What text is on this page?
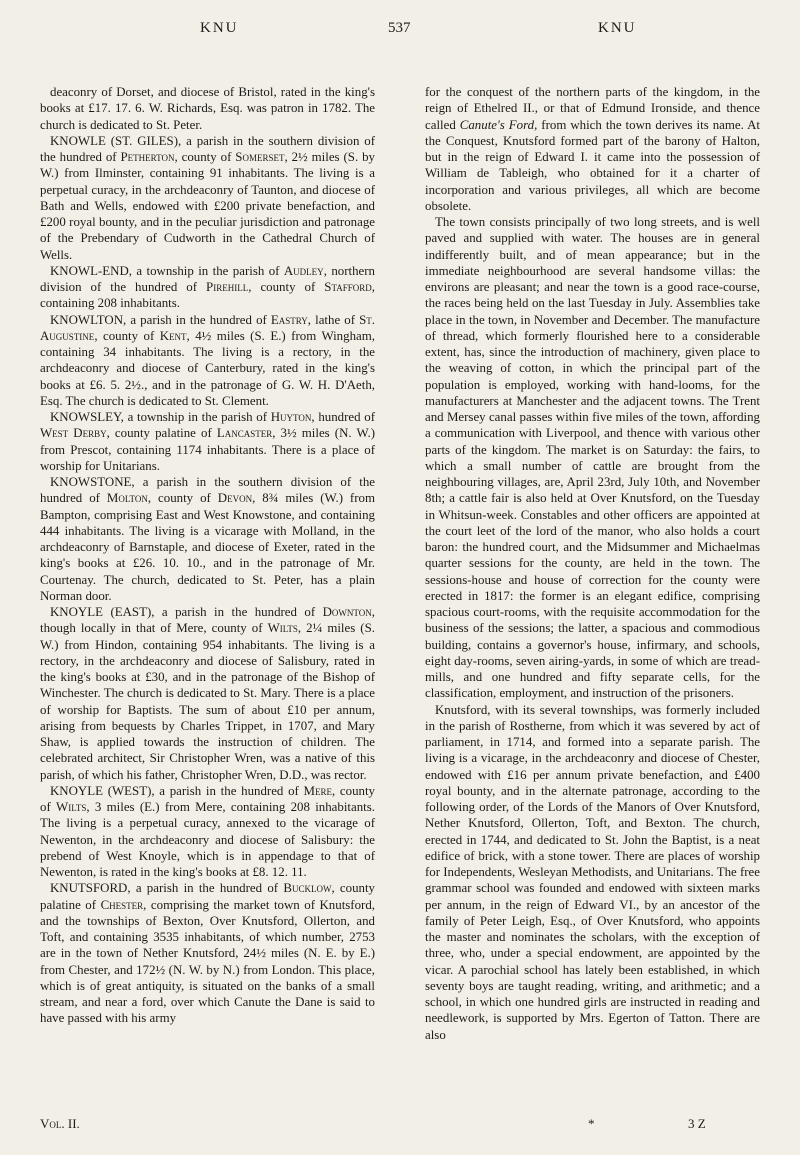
KNU	537	KNU

deaconry of Dorset, and diocese of Bristol, rated in the king's books at £17. 17. 6. W. Richards, Esq. was patron in 1782. The church is dedicated to St. Peter.

KNOWLE (ST. GILES), a parish in the southern division of the hundred of Petherton, county of Somerset, 2½ miles (S. by W.) from Ilminster, containing 91 inhabitants. The living is a perpetual curacy, in the archdeaconry of Taunton, and diocese of Bath and Wells, endowed with £200 private benefaction, and £200 royal bounty, and in the peculiar jurisdiction and patronage of the Prebendary of Cudworth in the Cathedral Church of Wells.

KNOWL-END, a township in the parish of Audley, northern division of the hundred of Pirehill, county of Stafford, containing 208 inhabitants.

KNOWLTON, a parish in the hundred of Eastry, lathe of St. Augustine, county of Kent, 4½ miles (S. E.) from Wingham, containing 34 inhabitants. The living is a rectory, in the archdeaconry and diocese of Canterbury, rated in the king's books at £6. 5. 2½., and in the patronage of G. W. H. D'Aeth, Esq. The church is dedicated to St. Clement.

KNOWSLEY, a township in the parish of Huyton, hundred of West Derby, county palatine of Lancaster, 3½ miles (N. W.) from Prescot, containing 1174 inhabitants. There is a place of worship for Unitarians.

KNOWSTONE, a parish in the southern division of the hundred of Molton, county of Devon, 8¾ miles (W.) from Bampton, comprising East and West Knowstone, and containing 444 inhabitants. The living is a vicarage with Molland, in the archdeaconry of Barnstaple, and diocese of Exeter, rated in the king's books at £26. 10. 10., and in the patronage of Mr. Courtenay. The church, dedicated to St. Peter, has a plain Norman door.

KNOYLE (EAST), a parish in the hundred of Downton, though locally in that of Mere, county of Wilts, 2¼ miles (S. W.) from Hindon, containing 954 inhabitants. The living is a rectory, in the archdeaconry and diocese of Salisbury, rated in the king's books at £30, and in the patronage of the Bishop of Winchester. The church is dedicated to St. Mary. There is a place of worship for Baptists. The sum of about £10 per annum, arising from bequests by Charles Trippet, in 1707, and Mary Shaw, is applied towards the instruction of children. The celebrated architect, Sir Christopher Wren, was a native of this parish, of which his father, Christopher Wren, D.D., was rector.

KNOYLE (WEST), a parish in the hundred of Mere, county of Wilts, 3 miles (E.) from Mere, containing 208 inhabitants. The living is a perpetual curacy, annexed to the vicarage of Newenton, in the archdeaconry and diocese of Salisbury: the prebend of West Knoyle, which is in appendage to that of Newenton, is rated in the king's books at £8. 12. 11.

KNUTSFORD, a parish in the hundred of Bucklow, county palatine of Chester, comprising the market town of Knutsford, and the townships of Bexton, Over Knutsford, Ollerton, and Toft, and containing 3535 inhabitants, of which number, 2753 are in the town of Nether Knutsford, 24½ miles (N. E. by E.) from Chester, and 172½ (N. W. by N.) from London. This place, which is of great antiquity, is situated on the banks of a small stream, and near a ford, over which Canute the Dane is said to have passed with his army

for the conquest of the northern parts of the kingdom, in the reign of Ethelred II., or that of Edmund Ironside, and thence called Canute's Ford, from which the town derives its name. At the Conquest, Knutsford formed part of the barony of Halton, but in the reign of Edward I. it came into the possession of William de Tableigh, who obtained for it a charter of incorporation and various privileges, all which are become obsolete.

The town consists principally of two long streets, and is well paved and supplied with water. The houses are in general indifferently built, and of mean appearance; but in the immediate neighbourhood are several handsome villas: the environs are pleasant; and near the town is a good race-course, the races being held on the last Tuesday in July. Assemblies take place in the town, in November and December. The manufacture of thread, which formerly flourished here to a considerable extent, has, since the introduction of machinery, given place to the weaving of cotton, in which the principal part of the population is employed, working with hand-looms, for the manufacturers at Manchester and the adjacent towns. The Trent and Mersey canal passes within five miles of the town, affording a communication with Liverpool, and thence with various other parts of the kingdom. The market is on Saturday: the fairs, to which a small number of cattle are brought from the neighbouring villages, are, April 23rd, July 10th, and November 8th; a cattle fair is also held at Over Knutsford, on the Tuesday in Whitsun-week. Constables and other officers are appointed at the court leet of the lord of the manor, who also holds a court baron: the hundred court, and the Midsummer and Michaelmas quarter sessions for the county, are held in the town. The sessions-house and house of correction for the county were erected in 1817: the former is an elegant edifice, comprising spacious court-rooms, with the requisite accommodation for the business of the sessions; the latter, a spacious and commodious building, contains a governor's house, infirmary, and schools, eight day-rooms, seven airing-yards, in some of which are tread-mills, and one hundred and fifty separate cells, for the classification, employment, and instruction of the prisoners.

Knutsford, with its several townships, was formerly included in the parish of Rostherne, from which it was severed by act of parliament, in 1714, and formed into a separate parish. The living is a vicarage, in the archdeaconry and diocese of Chester, endowed with £16 per annum private benefaction, and £400 royal bounty, and in the alternate patronage, according to the following order, of the Lords of the Manors of Over Knutsford, Nether Knutsford, Ollerton, Toft, and Bexton. The church, erected in 1744, and dedicated to St. John the Baptist, is a neat edifice of brick, with a stone tower. There are places of worship for Independents, Wesleyan Methodists, and Unitarians. The free grammar school was founded and endowed with sixteen marks per annum, in the reign of Edward VI., by an ancestor of the family of Peter Leigh, Esq., of Over Knutsford, who appoints the master and nominates the scholars, with the exception of three, who, under a special endowment, are appointed by the vicar. A parochial school has lately been established, in which seventy boys are taught reading, writing, and arithmetic; and a school, in which one hundred girls are instructed in reading and needlework, is supported by Mrs. Egerton of Tatton. There are also

Vol. II.	*	3 Z
